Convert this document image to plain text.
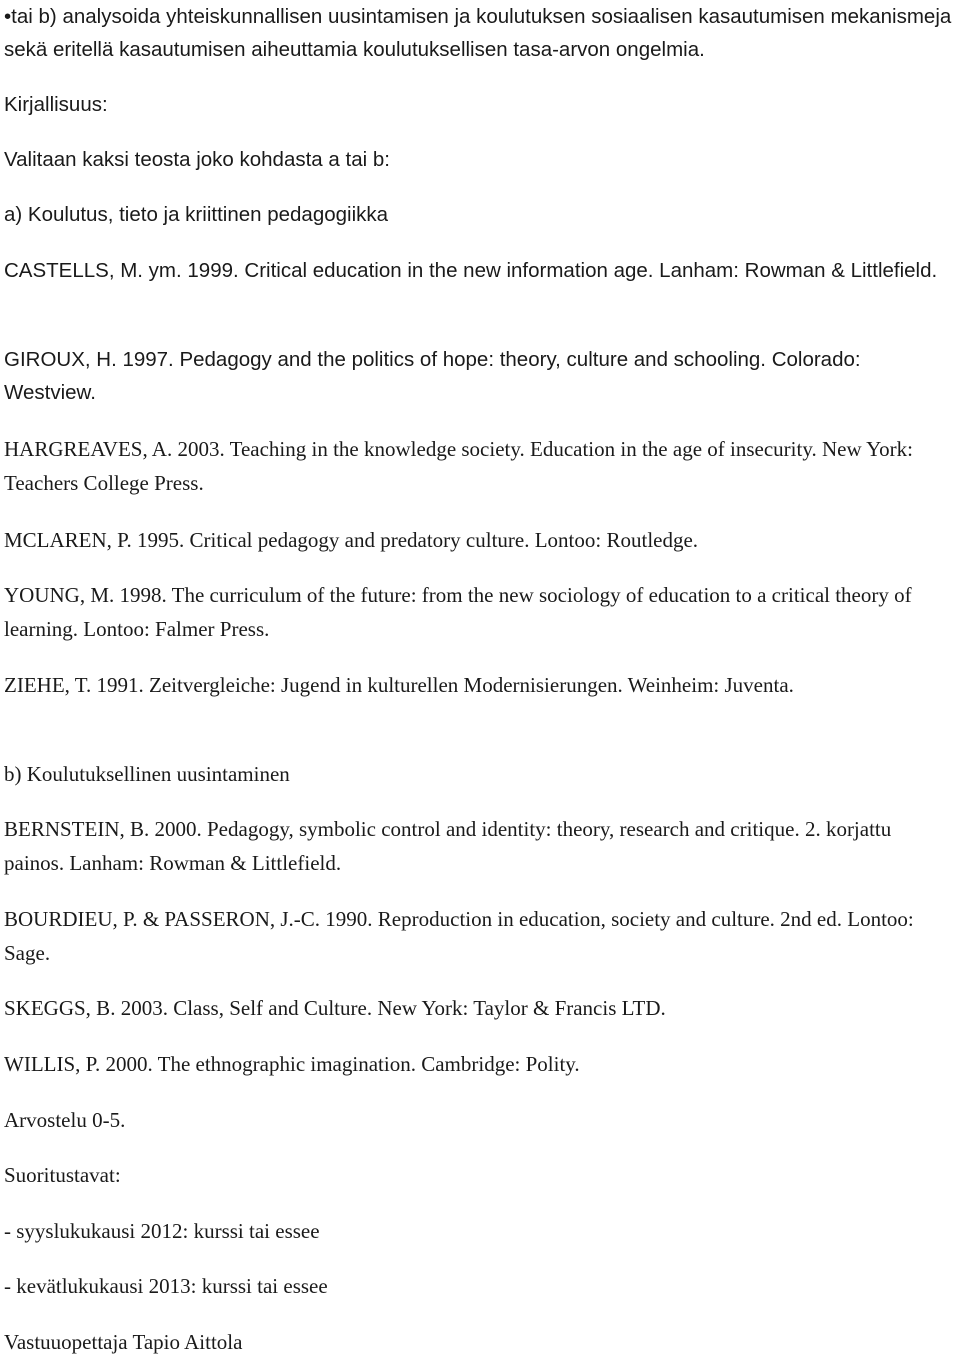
•tai b) analysoida yhteiskunnallisen uusintamisen ja koulutuksen sosiaalisen kasautumisen mekanismeja sekä eritellä kasautumisen aiheuttamia koulutuksellisen tasa-arvon ongelmia.

Kirjallisuus:

Valitaan kaksi teosta joko kohdasta a tai b:

a) Koulutus, tieto ja kriittinen pedagogiikka

CASTELLS, M. ym. 1999. Critical education in the new information age. Lanham: Rowman & Littlefield.

GIROUX, H. 1997. Pedagogy and the politics of hope: theory, culture and schooling. Colorado: Westview.

HARGREAVES, A. 2003. Teaching in the knowledge society. Education in the age of insecurity. New York: Teachers College Press.

MCLAREN, P. 1995. Critical pedagogy and predatory culture. Lontoo: Routledge.

YOUNG, M. 1998. The curriculum of the future: from the new sociology of education to a critical theory of learning. Lontoo: Falmer Press.

ZIEHE, T. 1991. Zeitvergleiche: Jugend in kulturellen Modernisierungen. Weinheim: Juventa.

b) Koulutuksellinen uusintaminen

BERNSTEIN, B. 2000. Pedagogy, symbolic control and identity: theory, research and critique. 2. korjattu painos. Lanham: Rowman & Littlefield.

BOURDIEU, P. & PASSERON, J.-C. 1990. Reproduction in education, society and culture. 2nd ed. Lontoo: Sage.

SKEGGS, B. 2003. Class, Self and Culture. New York: Taylor & Francis LTD.

WILLIS, P. 2000. The ethnographic imagination. Cambridge: Polity.

Arvostelu 0-5.

Suoritustavat:

- syyslukukausi 2012: kurssi tai essee

- kevätlukukausi 2013: kurssi tai essee

Vastuuopettaja Tapio Aittola
